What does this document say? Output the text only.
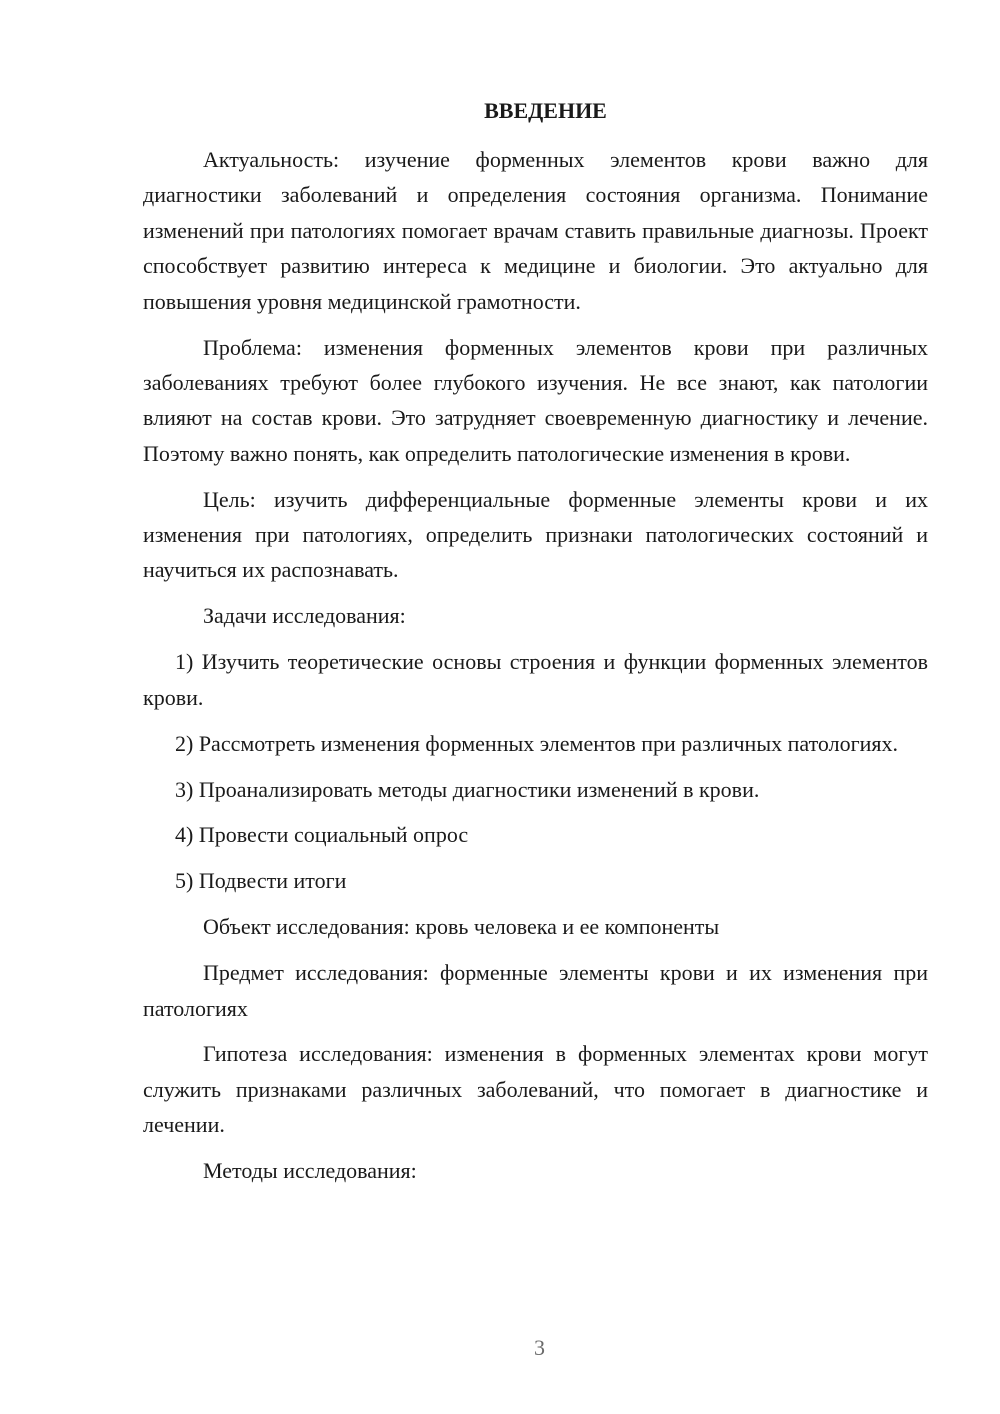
ВВЕДЕНИЕ

Актуальность: изучение форменных элементов крови важно для диагностики заболеваний и определения состояния организма. Понимание изменений при патологиях помогает врачам ставить правильные диагнозы. Проект способствует развитию интереса к медицине и биологии. Это актуально для повышения уровня медицинской грамотности.

Проблема: изменения форменных элементов крови при различных заболеваниях требуют более глубокого изучения. Не все знают, как патологии влияют на состав крови. Это затрудняет своевременную диагностику и лечение. Поэтому важно понять, как определить патологические изменения в крови.

Цель: изучить дифференциальные форменные элементы крови и их изменения при патологиях, определить признаки патологических состояний и научиться их распознавать.

Задачи исследования:

1) Изучить теоретические основы строения и функции форменных элементов крови.

2) Рассмотреть изменения форменных элементов при различных патологиях.

3) Проанализировать методы диагностики изменений в крови.

4) Провести социальный опрос

5) Подвести итоги

Объект исследования: кровь человека и ее компоненты

Предмет исследования: форменные элементы крови и их изменения при патологиях

Гипотеза исследования: изменения в форменных элементах крови могут служить признаками различных заболеваний, что помогает в диагностике и лечении.

Методы исследования:

3
